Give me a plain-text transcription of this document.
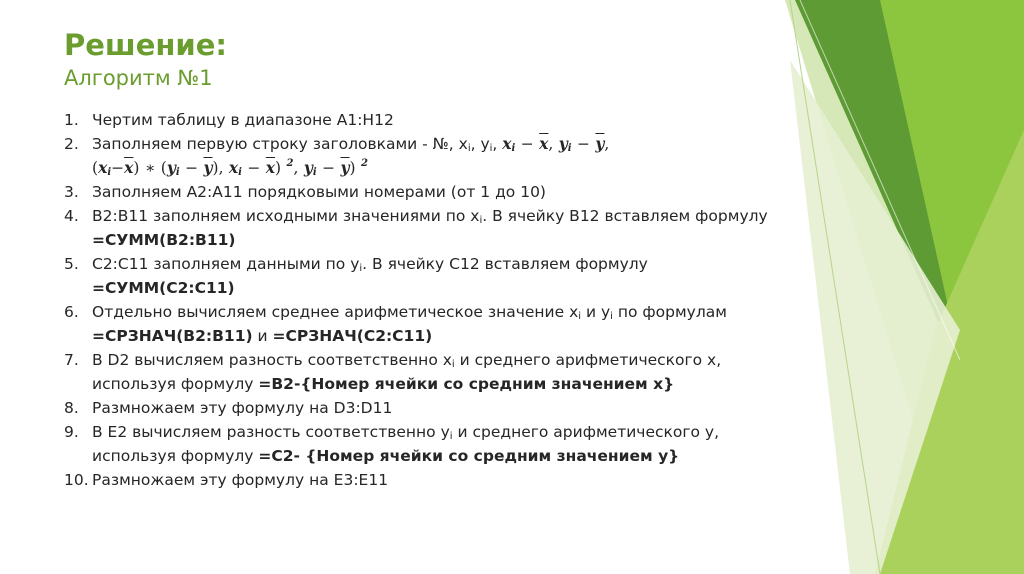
Решение:
Алгоритм №1
1. Чертим таблицу в диапазоне А1:H12
2. Заполняем первую строку заголовками - №, $x_i$, $y_i$, $x_i - \overline{x}$, $y_i - \overline{y}$,
$(x_i-\overline{x})$ ∗ $(y_i - \overline{y})$, $x_i - \overline{x}$) $^2$, $y_i - \overline{y}$) $^2$
3. Заполняем А2:А11 порядковыми номерами (от 1 до 10)
4. B2:B11 заполняем исходными значениями по $x_i$. В ячейку B12 вставляем формулу =СУММ(B2:B11)
5. C2:C11 заполняем данными по $y_i$. В ячейку C12 вставляем формулу =СУММ(C2:C11)
6. Отдельно вычисляем среднее арифметическое значение $x_i$ и $y_i$ по формулам =СРЗНАЧ(B2:B11) и =СРЗНАЧ(C2:C11)
7. В D2 вычисляем разность соответственно $x_i$ и среднего арифметического x, используя формулу =B2-{Номер ячейки со средним значением x}
8. Размножаем эту формулу на D3:D11
9. В E2 вычисляем разность соответственно $y_i$ и среднего арифметического y, используя формулу =C2- {Номер ячейки со средним значением y}
10. Размножаем эту формулу на E3:E11
